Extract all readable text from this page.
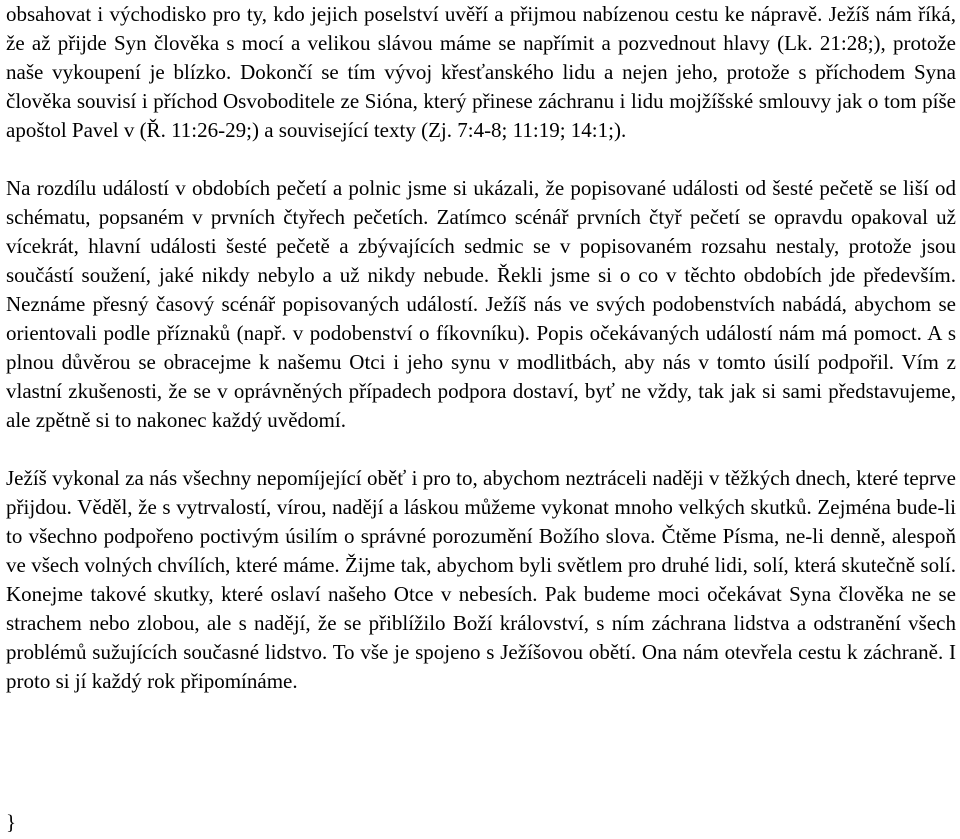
obsahovat i východisko pro ty, kdo jejich poselství uvěří a přijmou nabízenou cestu ke nápravě. Ježíš nám říká, že až přijde Syn člověka s mocí a velikou slávou máme se napřímit a pozvednout hlavy (Lk. 21:28;), protože naše vykoupení je blízko. Dokončí se tím vývoj křesťanského lidu a nejen jeho, protože s příchodem Syna člověka souvisí i příchod Osvoboditele ze Sióna, který přinese záchranu i lidu mojžíšské smlouvy jak o tom píše apoštol Pavel v (Ř. 11:26-29;) a související texty (Zj. 7:4-8; 11:19; 14:1;).

Na rozdílu událostí v obdobích pečetí a polnic jsme si ukázali, že popisované události od šesté pečetě se liší od schématu, popsaném v prvních čtyřech pečetích. Zatímco scénář prvních čtyř pečetí se opravdu opakoval už vícekrát, hlavní události šesté pečetě a zbývajících sedmic se v popisovaném rozsahu nestaly, protože jsou součástí soužení, jaké nikdy nebylo a už nikdy nebude. Řekli jsme si o co v těchto obdobích jde především. Neznáme přesný časový scénář popisovaných událostí. Ježíš nás ve svých podobenstvích nabádá, abychom se orientovali podle příznaků (např. v podobenství o fíkovníku). Popis očekávaných událostí nám má pomoct. A s plnou důvěrou se obracejme k našemu Otci i jeho synu v modlitbách, aby nás v tomto úsilí podpořil. Vím z vlastní zkušenosti, že se v oprávněných případech podpora dostaví, byť ne vždy, tak jak si sami představujeme, ale zpětně si to nakonec každý uvědomí.

Ježíš vykonal za nás všechny nepomíjející oběť i pro to, abychom neztráceli naději v těžkých dnech, které teprve přijdou. Věděl, že s vytrvalostí, vírou, nadějí a láskou můžeme vykonat mnoho velkých skutků. Zejména bude-li to všechno podpořeno poctivým úsilím o správné porozumění Božího slova. Čtěme Písma, ne-li denně, alespoň ve všech volných chvílích, které máme. Žijme tak, abychom byli světlem pro druhé lidi, solí, která skutečně solí. Konejme takové skutky, které oslaví našeho Otce v nebesích. Pak budeme moci očekávat Syna člověka ne se strachem nebo zlobou, ale s nadějí, že se přiblížilo Boží království, s ním záchrana lidstva a odstranění všech problémů sužujících současné lidstvo. To vše je spojeno s Ježíšovou obětí. Ona nám otevřela cestu k záchraně. I proto si jí každý rok připomínáme.

}
